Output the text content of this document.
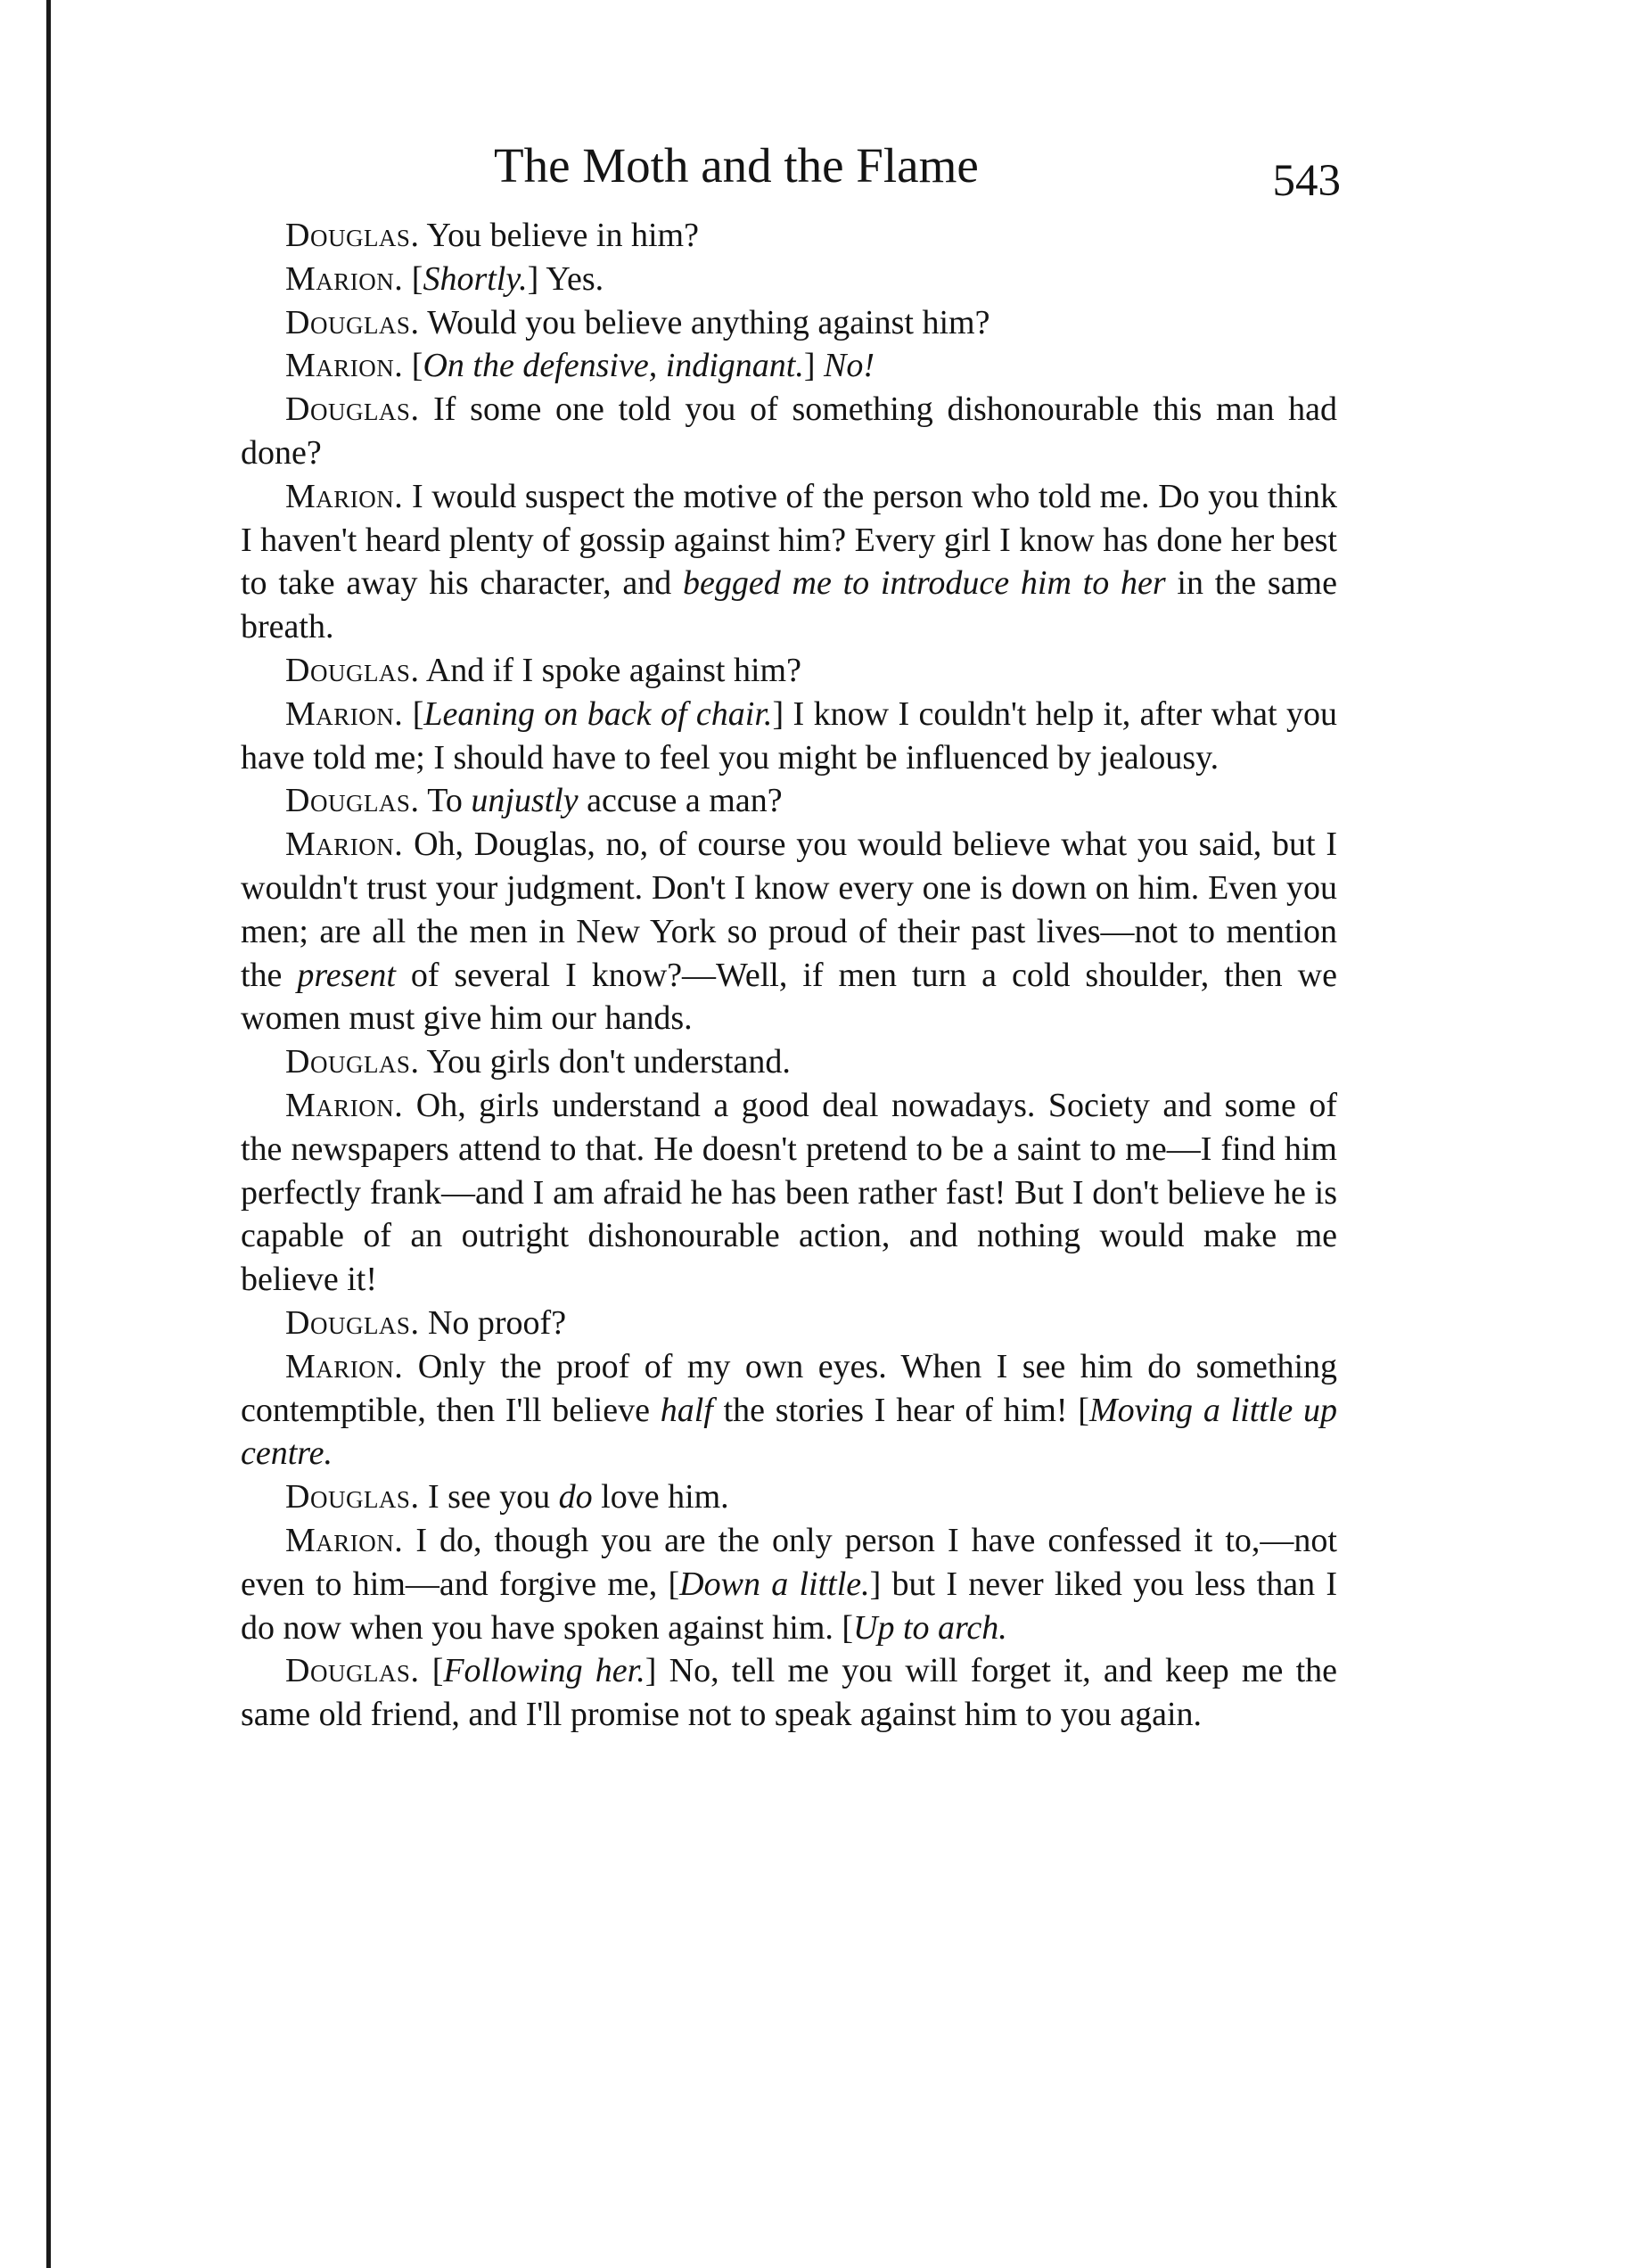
The Moth and the Flame	543

Douglas. You believe in him?

Marion. [Shortly.] Yes.

Douglas. Would you believe anything against him?

Marion. [On the defensive, indignant.] No!

Douglas. If some one told you of something dishonourable this man had done?

Marion. I would suspect the motive of the person who told me. Do you think I haven't heard plenty of gossip against him? Every girl I know has done her best to take away his character, and begged me to introduce him to her in the same breath.

Douglas. And if I spoke against him?

Marion. [Leaning on back of chair.] I know I couldn't help it, after what you have told me; I should have to feel you might be influenced by jealousy.

Douglas. To unjustly accuse a man?

Marion. Oh, Douglas, no, of course you would believe what you said, but I wouldn't trust your judgment. Don't I know every one is down on him. Even you men; are all the men in New York so proud of their past lives—not to mention the present of several I know?—Well, if men turn a cold shoulder, then we women must give him our hands.

Douglas. You girls don't understand.

Marion. Oh, girls understand a good deal nowadays. Society and some of the newspapers attend to that. He doesn't pretend to be a saint to me—I find him perfectly frank—and I am afraid he has been rather fast! But I don't believe he is capable of an outright dishonourable action, and nothing would make me believe it!

Douglas. No proof?

Marion. Only the proof of my own eyes. When I see him do something contemptible, then I'll believe half the stories I hear of him! [Moving a little up centre.

Douglas. I see you do love him.

Marion. I do, though you are the only person I have confessed it to,—not even to him—and forgive me, [Down a little.] but I never liked you less than I do now when you have spoken against him. [Up to arch.

Douglas. [Following her.] No, tell me you will forget it, and keep me the same old friend, and I'll promise not to speak against him to you again.
